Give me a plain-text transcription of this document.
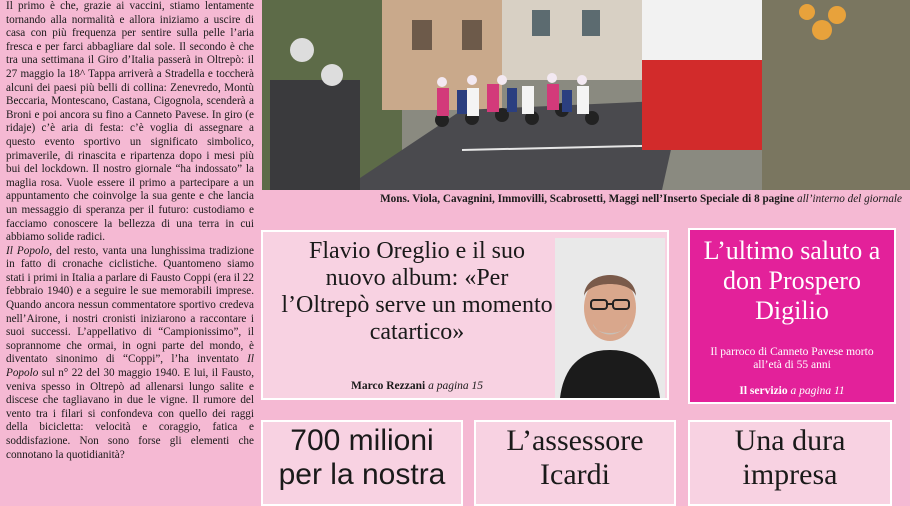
Il primo è che, grazie ai vaccini, stiamo lentamente tornando alla normalità e allora iniziamo a uscire di casa con più frequenza per sentire sulla pelle l’aria fresca e per farci abbagliare dal sole. Il secondo è che tra una settimana il Giro d’Italia passerà in Oltrepò: il 27 maggio la 18^ Tappa arriverà a Stradella e toccherà alcuni dei paesi più belli di collina: Zenevredo, Montù Beccaria, Montescano, Castana, Cigognola, scenderà a Broni e poi ancora su fino a Canneto Pavese. In giro (e ridaje) c’è aria di festa: c’è voglia di assegnare a questo evento sportivo un significato simbolico, primaverile, di rinascita e ripartenza dopo i mesi più bui del lockdown. Il nostro giornale “ha indossato” la maglia rosa. Vuole essere il primo a partecipare a un appuntamento che coinvolge la sua gente e che lancia un messaggio di speranza per il futuro: custodiamo e facciamo conoscere la bellezza di una terra in cui abbiamo solide radici.

Il Popolo, del resto, vanta una lunghissima tradizione in fatto di cronache ciclistiche. Quantomeno siamo stati i primi in Italia a parlare di Fausto Coppi (era il 22 febbraio 1940) e a seguire le sue memorabili imprese. Quando ancora nessun commentatore sportivo credeva nell’Airone, i nostri cronisti iniziarono a raccontare i suoi successi. L’appellativo di “Campionissimo”, il soprannome che ormai, in ogni parte del mondo, è diventato sinonimo di “Coppi”, l’ha inventato Il Popolo sul n° 22 del 30 maggio 1940. E lui, il Fausto, veniva spesso in Oltrepò ad allenarsi lungo salite e discese che tagliavano in due le vigne. Il rumore del vento tra i filari si confondeva con quello dei raggi della bicicletta: velocità e coraggio, fatica e soddisfazione. Non sono forse gli elementi che connotano la quotidianità?

Mons. Viola, Cavagnini, Immovilli, Scabrosetti, Maggi nell’Inserto Speciale di 8 pagine all’interno del giornale
Flavio Oreglio e il suo nuovo album: «Per l’Oltrepò serve un momento catartico»
Marco Rezzani a pagina 15
L’ultimo saluto a don Prospero Digilio
Il parroco di Canneto Pavese morto all’età di 55 anni
Il servizio a pagina 11
700 milioni per la nostra
L’assessore Icardi
Una dura impresa
